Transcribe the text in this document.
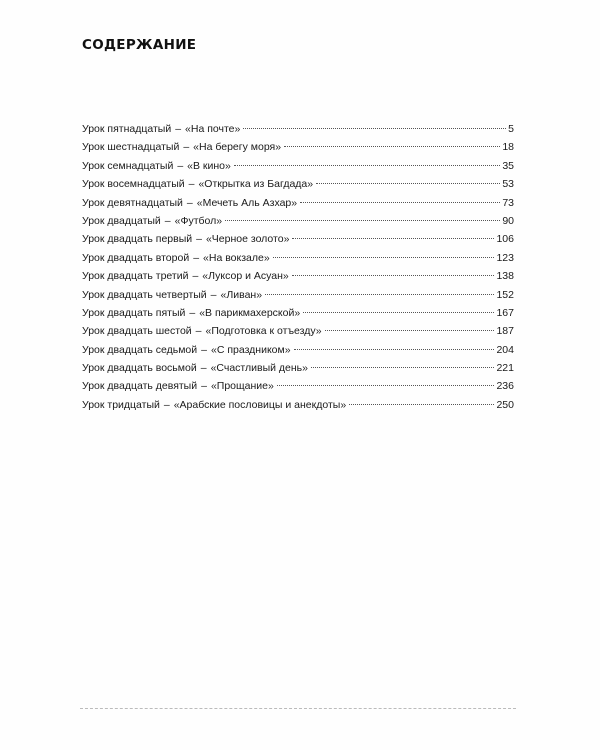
СОДЕРЖАНИЕ
Урок пятнадцатый – «На почте»	5
Урок шестнадцатый – «На берегу моря»	18
Урок семнадцатый – «В кино»	35
Урок восемнадцатый – «Открытка из Багдада»	53
Урок девятнадцатый – «Мечеть Аль Азхар»	73
Урок двадцатый – «Футбол»	90
Урок двадцать первый – «Черное золото»	106
Урок двадцать второй – «На вокзале»	123
Урок двадцать третий – «Луксор и Асуан»	138
Урок двадцать четвертый – «Ливан»	152
Урок двадцать пятый – «В парикмахерской»	167
Урок двадцать шестой – «Подготовка к отъезду»	187
Урок двадцать седьмой – «С праздником»	204
Урок двадцать восьмой – «Счастливый день»	221
Урок двадцать девятый – «Прощание»	236
Урок тридцатый – «Арабские пословицы и анекдоты»	250
